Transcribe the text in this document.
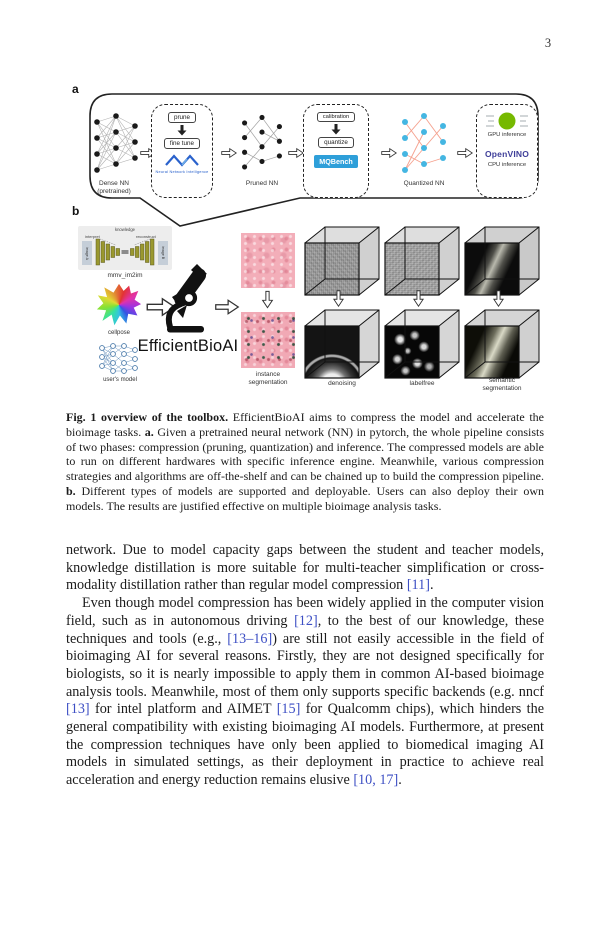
3
a
Dense NN
(pretrained)
prune
fine tune
Neural Network Intelligence
Pruned NN
calibration
quantize
MQBench
Quantized NN
GPU inference
OpenVINO
CPU inference
b
knowledge
interpret	reconstruct
image A	image B
mmv_im2im
cellpose
user's model
EfficientBioAI
instance
segmentation	denoising	labelfree	semantic
segmentation
Fig. 1 overview of the toolbox. EfficientBioAI aims to compress the model and accelerate the bioimage tasks. a. Given a pretrained neural network (NN) in pytorch, the whole pipeline consists of two phases: compression (pruning, quantization) and inference. The compressed models are able to run on different hardwares with specific inference engine. Meanwhile, various compression strategies and algorithms are off-the-shelf and can be chained up to build the compression pipeline. b. Different types of models are supported and deployable. Users can also deploy their own models. The results are justified effective on multiple bioimage analysis tasks.

network. Due to model capacity gaps between the student and teacher models, knowledge distillation is more suitable for multi-teacher simplification or cross-modality distillation rather than regular model compression [11].

Even though model compression has been widely applied in the computer vision field, such as in autonomous driving [12], to the best of our knowledge, these techniques and tools (e.g., [13–16]) are still not easily accessible in the field of bioimaging AI for several reasons. Firstly, they are not designed specifically for biologists, so it is nearly impossible to apply them in common AI-based bioimage analysis tools. Meanwhile, most of them only supports specific backends (e.g. nncf [13] for intel platform and AIMET [15] for Qualcomm chips), which hinders the general compatibility with existing bioimaging AI models. Furthermore, at present the compression techniques have only been applied to biomedical imaging AI models in simulated settings, as their deployment in practice to achieve real acceleration and energy reduction remains elusive [10, 17].
